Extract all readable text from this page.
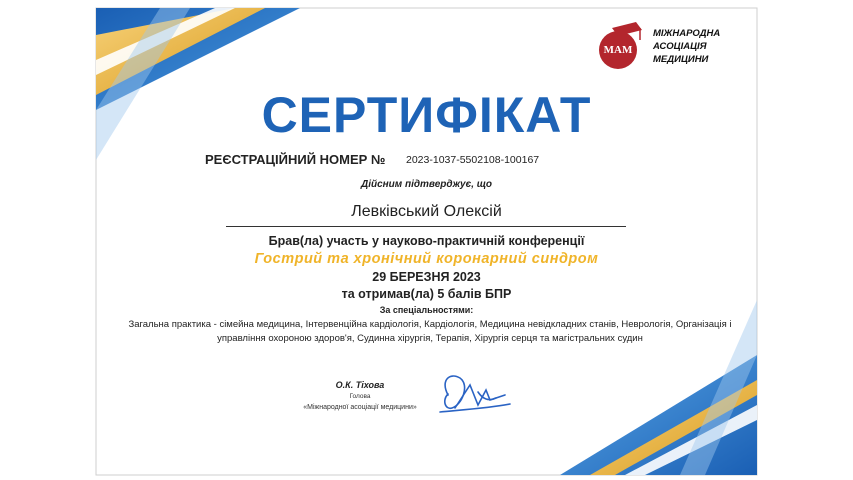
МАМ
МІЖНАРОДНА
АСОЦІАЦІЯ
МЕДИЦИНИ
СЕРТИФІКАТ
РЕЄСТРАЦІЙНИЙ НОМЕР № 2023-1037-5502108-100167
Дійсним підтверджує, що
Левківський Олексій
Брав(ла) участь у науково-практичній конференції
Гострий та хронічний коронарний синдром
29 БЕРЕЗНЯ 2023
та отримав(ла) 5 балів БПР
За спеціальностями:
Загальна практика - сімейна медицина, Інтервенційна кардіологія, Кардіологія, Медицина невідкладних станів, Неврологія, Організація і управління охороною здоров'я, Судинна хірургія, Терапія, Хірургія серця та магістральних судин
О.К. Тіхова
Голова
«Міжнародної асоціації медицини»
